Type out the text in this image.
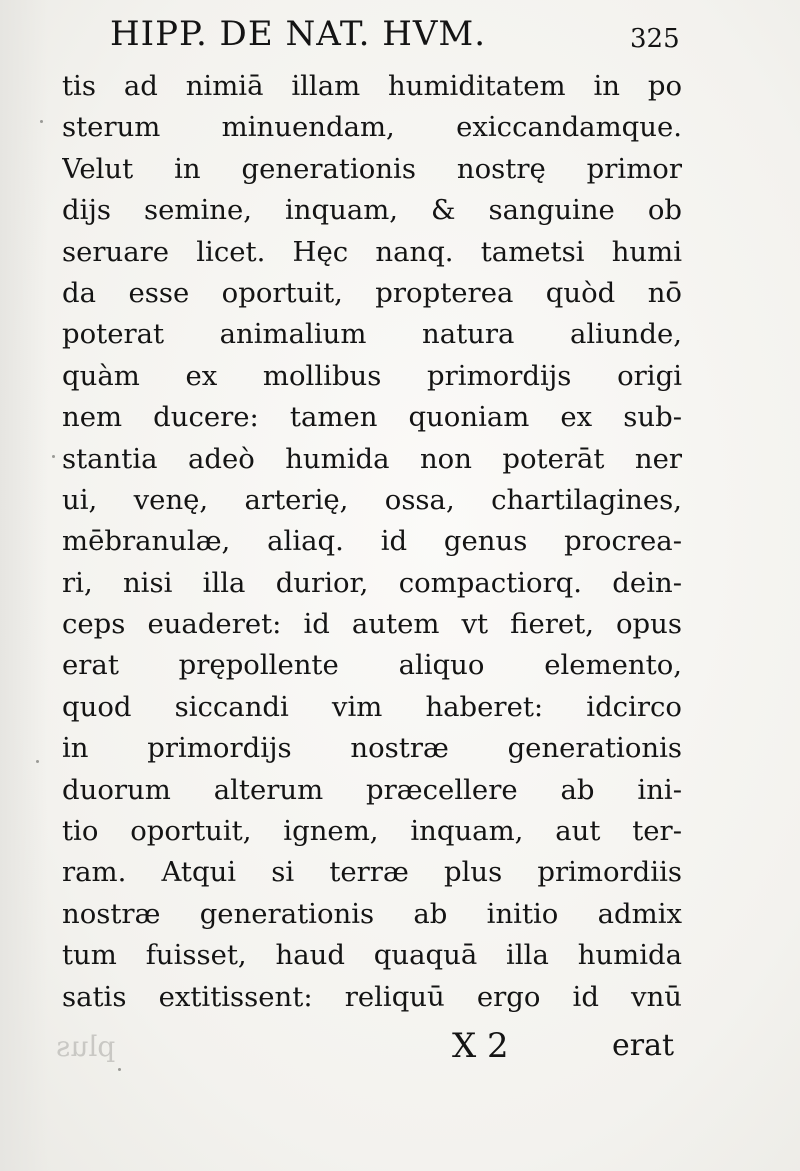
HIPP. DE NAT. HVM.	325
tis ad nimiā illam humiditatem in po
sterum minuendam, exiccandamque.
Velut in generationis nostrę primor
dijs semine, inquam, & sanguine ob
seruare licet. Hęc nanq. tametsi humi
da esse oportuit, propterea quòd nō
poterat animalium natura aliunde,
quàm ex mollibus primordijs origi
nem ducere: tamen quoniam ex sub-
stantia adeò humida non poterāt ner
ui, venę, arterię, ossa, chartilagines,
mēbranulæ, aliaq. id genus procrea-
ri, nisi illa durior, compactiorq. dein-
ceps euaderet: id autem vt fieret, opus
erat prępollente aliquo elemento,
quod siccandi vim haberet: idcirco
in primordijs nostræ generationis
duorum alterum præcellere ab ini-
tio oportuit, ignem, inquam, aut ter-
ram. Atqui si terræ plus primordiis
nostræ generationis ab initio admix
tum fuisset, haud quaquā illa humida
satis extitissent: reliquū ergo id vnū
plus	X 2	erat
